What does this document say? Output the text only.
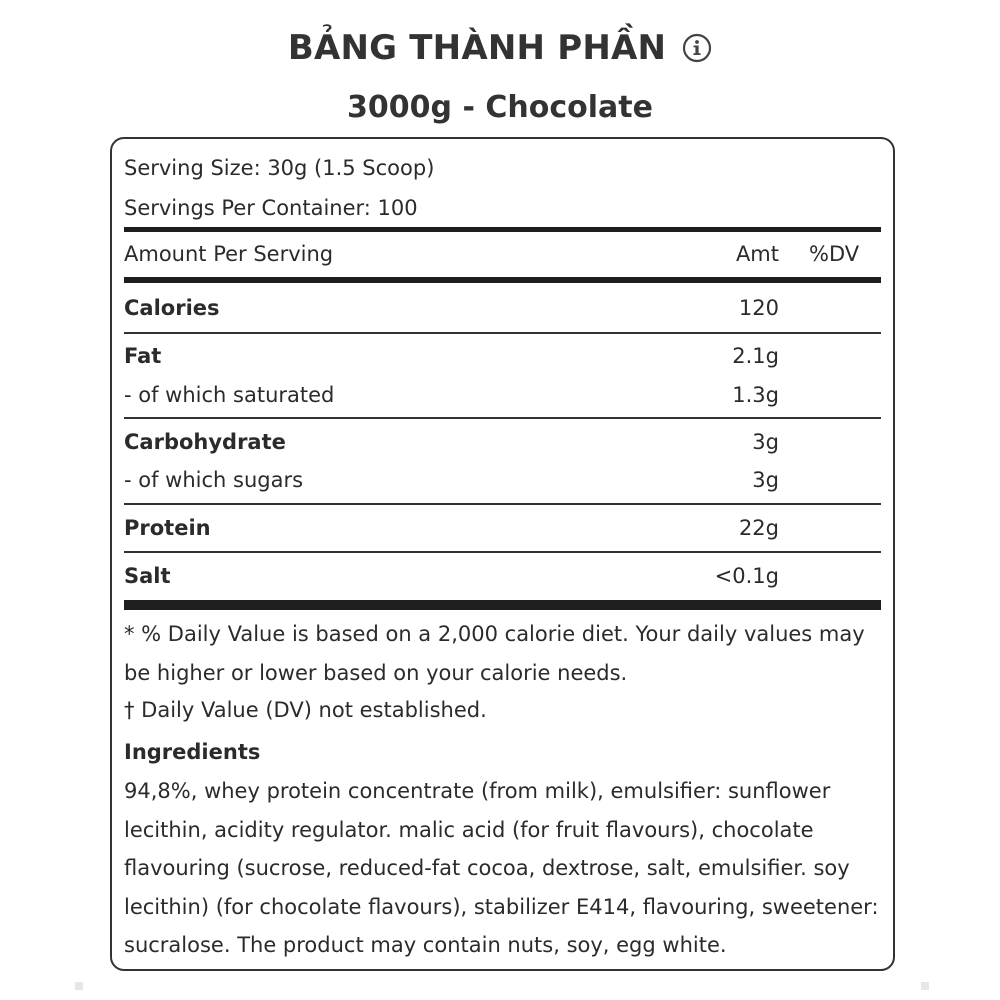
BẢNG THÀNH PHẦN
3000g - Chocolate
Serving Size: 30g (1.5 Scoop)
Servings Per Container: 100
Amount Per Serving	Amt %DV
Calories	120
Fat	2.1g
- of which saturated	1.3g
Carbohydrate	3g
- of which sugars	3g
Protein	22g
Salt	<0.1g
* % Daily Value is based on a 2,000 calorie diet. Your daily values may be higher or lower based on your calorie needs.
† Daily Value (DV) not established.
Ingredients
94,8%, whey protein concentrate (from milk), emulsifier: sunflower lecithin, acidity regulator. malic acid (for fruit flavours), chocolate flavouring (sucrose, reduced-fat cocoa, dextrose, salt, emulsifier. soy lecithin) (for chocolate flavours), stabilizer E414, flavouring, sweetener: sucralose. The product may contain nuts, soy, egg white.
